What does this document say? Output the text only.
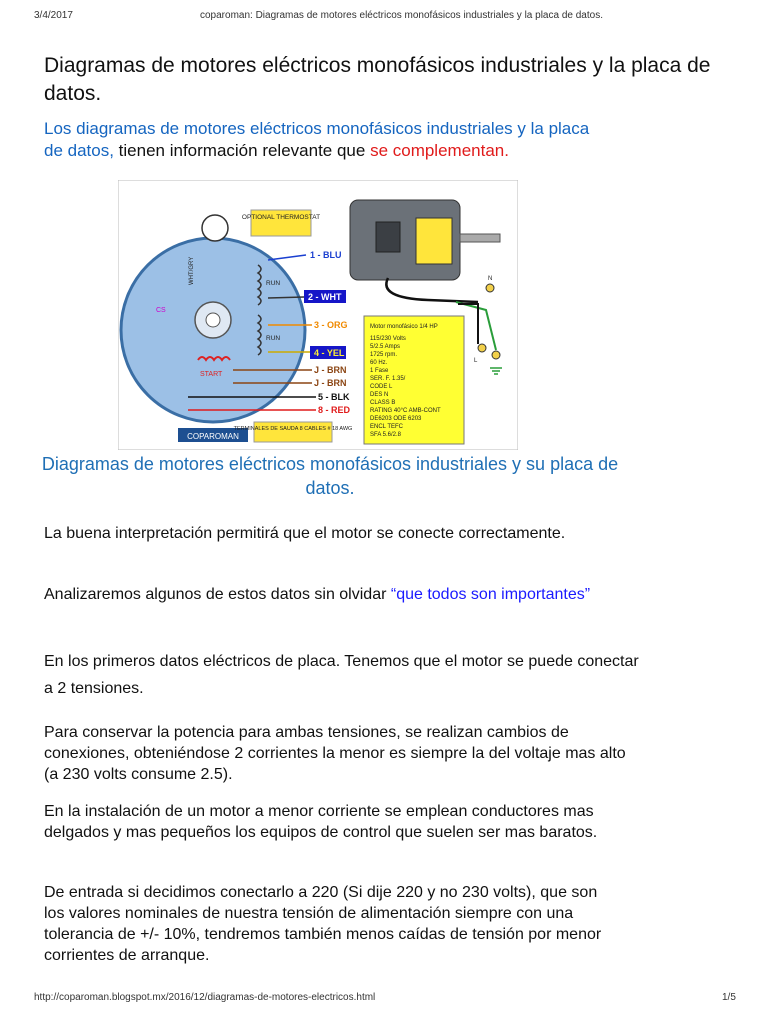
3/4/2017	coparoman: Diagramas de motores eléctricos monofásicos industriales y la placa de datos.
Diagramas de motores eléctricos monofásicos industriales y la placa de datos.
Los diagramas de motores eléctricos monofásicos industriales y la placa de datos, tienen información relevante que se complementan.
COPAROMAN
OPTIONAL THERMOSTAT
RUN
RUN
START
WHT/GRY
CS
1 - BLU
2 - WHT
3 - ORG
4 - YEL
J - BRN
J - BRN
5 - BLK
8 - RED
TERMINALES DE SAUDA 8 CABLES # 18 AWG
Motor monofásico 1/4 HP
115/230 Volts
5/2.5 Amps
1725 rpm.
60 Hz.
1 Fase
SER. F. 1.35/
CODE L
DES N
CLASS B
RATING 40°C AMB-CONT
DE6203 ODE 6203
ENCL TEFC
SFA 5.6/2.8
N
L
Diagramas de motores eléctricos monofásicos industriales y su placa de datos.
La buena interpretación permitirá que el motor se conecte correctamente.
Analizaremos algunos de estos datos sin olvidar “que todos son importantes”
En los primeros datos eléctricos de placa. Tenemos que el motor se puede conectar a 2 tensiones.
Para conservar la potencia para ambas tensiones, se realizan cambios de conexiones, obteniéndose 2 corrientes la menor es siempre la del voltaje mas alto (a 230 volts consume 2.5).
En la instalación de un motor a menor corriente se emplean conductores mas delgados y mas pequeños los equipos de control que suelen ser mas baratos.
De entrada si decidimos conectarlo a 220 (Si dije 220 y no 230 volts), que son los valores nominales de nuestra tensión de alimentación siempre con una tolerancia de +/- 10%, tendremos también menos caídas de tensión por menor corrientes de arranque.
http://coparoman.blogspot.mx/2016/12/diagramas-de-motores-electricos.html	1/5
